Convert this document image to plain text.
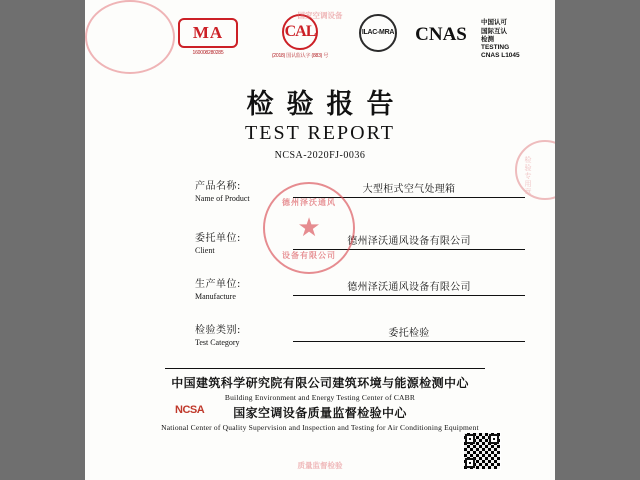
MA
160008280285
CAL
(2018) 国认监认字 (883) 号
ILAC-MRA	CNAS
中国认可
国际互认
检测
TESTING
CNAS L1045
检验报告
TEST REPORT
NCSA-2020FJ-0036
产品名称:
Name of Product
大型柜式空气处理箱
委托单位:
Client
德州泽沃通风设备有限公司
生产单位:
Manufacture
德州泽沃通风设备有限公司
检验类别:
Test Category
委托检验
中国建筑科学研究院有限公司建筑环境与能源检测中心
Building Environment and Energy Testing Center of CABR
国家空调设备质量监督检验中心
National Center of Quality Supervision and Inspection and Testing for Air Conditioning Equipment
NCSA
德州泽沃通风
★
设备有限公司
国家空调设备
质量监督检验
检验专用章
